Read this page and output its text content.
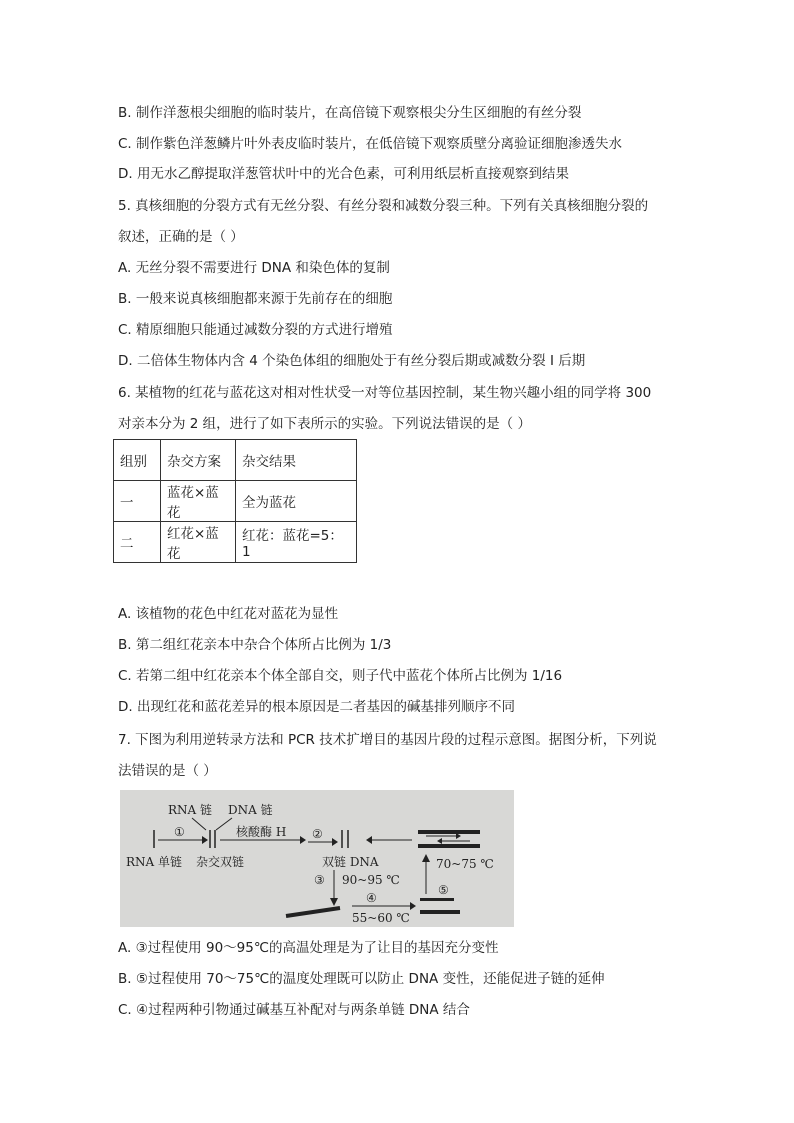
B. 制作洋葱根尖细胞的临时装片，在高倍镜下观察根尖分生区细胞的有丝分裂
C. 制作紫色洋葱鳞片叶外表皮临时装片，在低倍镜下观察质壁分离验证细胞渗透失水
D. 用无水乙醇提取洋葱管状叶中的光合色素，可利用纸层析直接观察到结果
5. 真核细胞的分裂方式有无丝分裂、有丝分裂和减数分裂三种。下列有关真核细胞分裂的
叙述，正确的是（ ）
A. 无丝分裂不需要进行 DNA 和染色体的复制
B. 一般来说真核细胞都来源于先前存在的细胞
C. 精原细胞只能通过减数分裂的方式进行增殖
D. 二倍体生物体内含 4 个染色体组的细胞处于有丝分裂后期或减数分裂 I 后期
6. 某植物的红花与蓝花这对相对性状受一对等位基因控制，某生物兴趣小组的同学将 300
对亲本分为 2 组，进行了如下表所示的实验。下列说法错误的是（ ）
组别	杂交方案	杂交结果
一	蓝花×蓝花	全为蓝花
二	红花×蓝花	红花：蓝花=5：1
A. 该植物的花色中红花对蓝花为显性
B. 第二组红花亲本中杂合个体所占比例为 1/3
C. 若第二组中红花亲本个体全部自交，则子代中蓝花个体所占比例为 1/16
D. 出现红花和蓝花差异的根本原因是二者基因的碱基排列顺序不同
7. 下图为利用逆转录方法和 PCR 技术扩增目的基因片段的过程示意图。据图分析，下列说
法错误的是（ ）
RNA 链 DNA 链
①	核酸酶 H ②
RNA 单链 杂交双链	双链 DNA	70~75 ℃
③ 90~95 ℃
④
55~60 ℃
⑤
A. ③过程使用 90～95℃的高温处理是为了让目的基因充分变性
B. ⑤过程使用 70～75℃的温度处理既可以防止 DNA 变性，还能促进子链的延伸
C. ④过程两种引物通过碱基互补配对与两条单链 DNA 结合
